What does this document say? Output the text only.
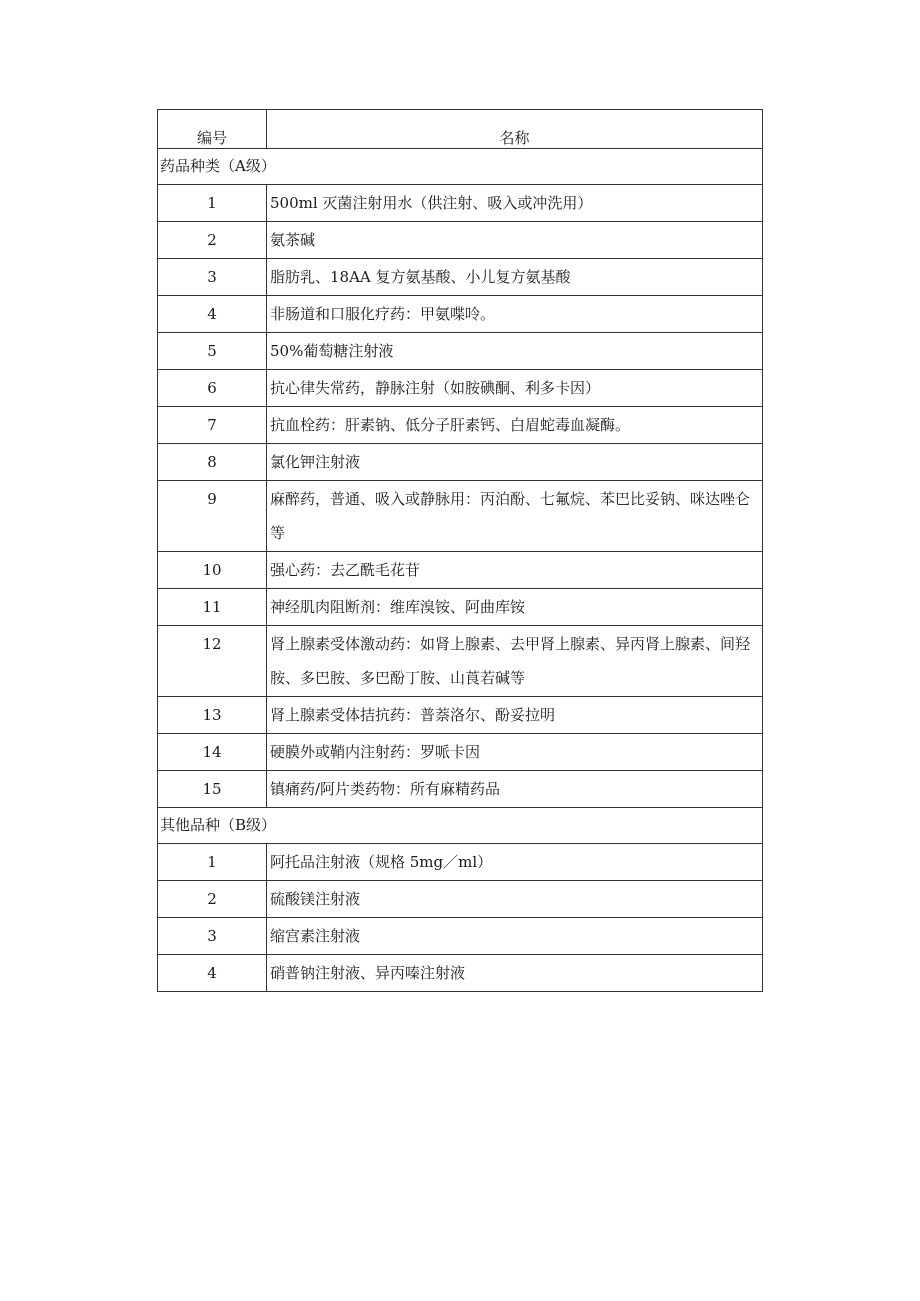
编号	名称
药品种类（A级）	
1	500ml 灭菌注射用水（供注射、吸入或冲洗用）
2	氨茶碱
3	脂肪乳、18AA 复方氨基酸、小儿复方氨基酸
4	非肠道和口服化疗药：甲氨喋呤。
5	50%葡萄糖注射液
6	抗心律失常药，静脉注射（如胺碘酮、利多卡因）
7	抗血栓药：肝素钠、低分子肝素钙、白眉蛇毒血凝酶。
8	氯化钾注射液
9	麻醉药，普通、吸入或静脉用：丙泊酚、七氟烷、苯巴比妥钠、咪达唑仑等
10	强心药：去乙酰毛花苷
11	神经肌肉阻断剂：维库溴铵、阿曲库铵
12	肾上腺素受体激动药：如肾上腺素、去甲肾上腺素、异丙肾上腺素、间羟胺、多巴胺、多巴酚丁胺、山莨若碱等
13	肾上腺素受体拮抗药：普萘洛尔、酚妥拉明
14	硬膜外或鞘内注射药：罗哌卡因
15	镇痛药/阿片类药物：所有麻精药品
其他品种（B级）	
1	阿托品注射液（规格 5mg／ml）
2	硫酸镁注射液
3	缩宫素注射液
4	硝普钠注射液、异丙嗪注射液
